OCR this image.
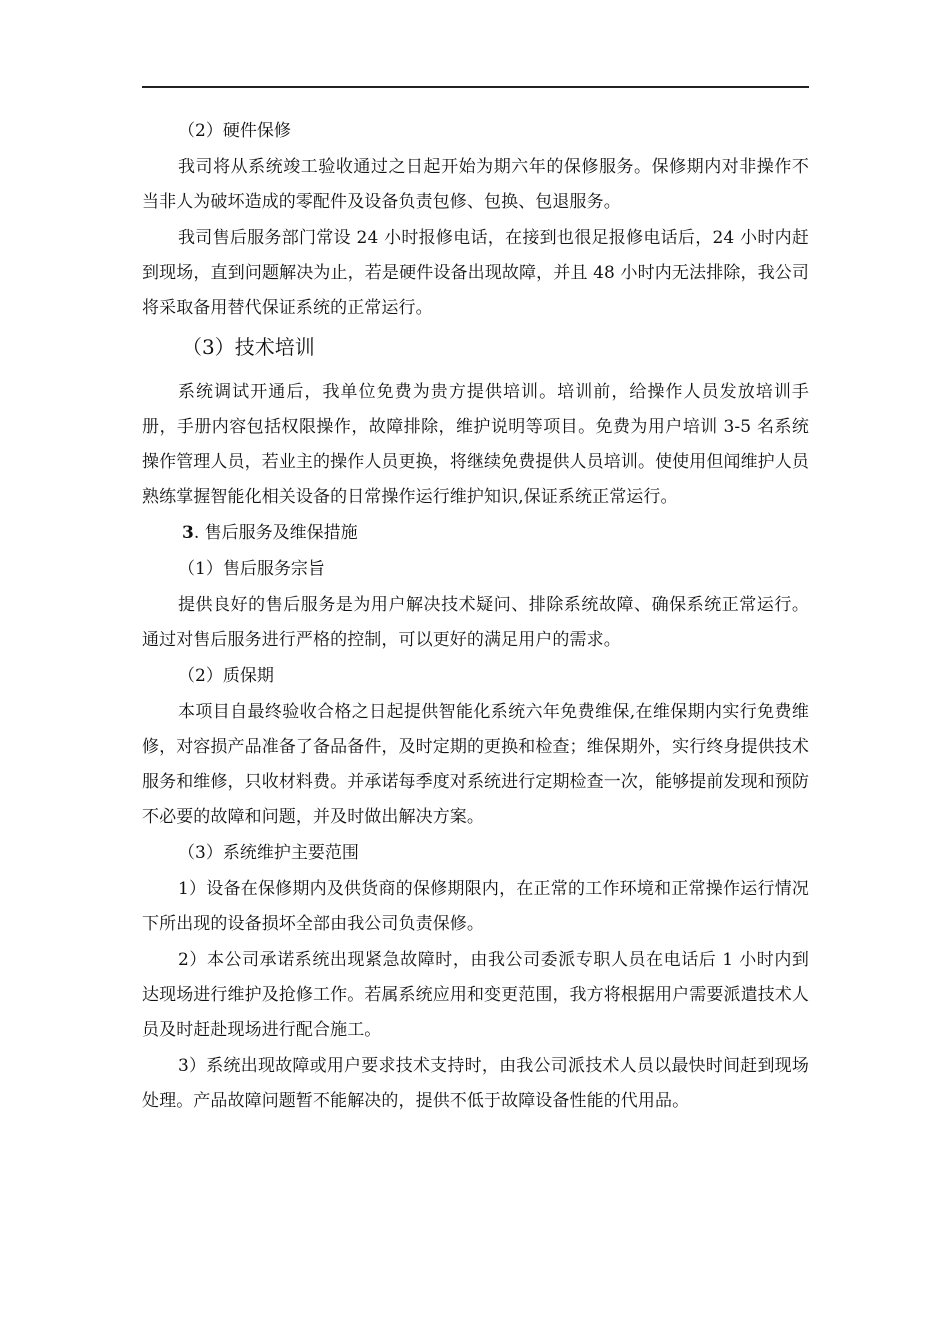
（2）硬件保修

我司将从系统竣工验收通过之日起开始为期六年的保修服务。保修期内对非操作不当非人为破坏造成的零配件及设备负责包修、包换、包退服务。

我司售后服务部门常设 24 小时报修电话，在接到也很足报修电话后，24 小时内赶到现场，直到问题解决为止，若是硬件设备出现故障，并且 48 小时内无法排除，我公司将采取备用替代保证系统的正常运行。

（3）技术培训

系统调试开通后，我单位免费为贵方提供培训。培训前，给操作人员发放培训手册，手册内容包括权限操作，故障排除，维护说明等项目。免费为用户培训 3-5 名系统操作管理人员，若业主的操作人员更换，将继续免费提供人员培训。使使用但闻维护人员熟练掌握智能化相关设备的日常操作运行维护知识,保证系统正常运行。

3. 售后服务及维保措施
（1）售后服务宗旨

提供良好的售后服务是为用户解决技术疑问、排除系统故障、确保系统正常运行。通过对售后服务进行严格的控制，可以更好的满足用户的需求。

（2）质保期

本项目自最终验收合格之日起提供智能化系统六年免费维保,在维保期内实行免费维修，对容损产品准备了备品备件，及时定期的更换和检查；维保期外，实行终身提供技术服务和维修，只收材料费。并承诺每季度对系统进行定期检查一次，能够提前发现和预防不必要的故障和问题，并及时做出解决方案。

（3）系统维护主要范围

1）设备在保修期内及供货商的保修期限内，在正常的工作环境和正常操作运行情况下所出现的设备损坏全部由我公司负责保修。

2）本公司承诺系统出现紧急故障时，由我公司委派专职人员在电话后 1 小时内到达现场进行维护及抢修工作。若属系统应用和变更范围，我方将根据用户需要派遣技术人员及时赶赴现场进行配合施工。

3）系统出现故障或用户要求技术支持时，由我公司派技术人员以最快时间赶到现场处理。产品故障问题暂不能解决的，提供不低于故障设备性能的代用品。
